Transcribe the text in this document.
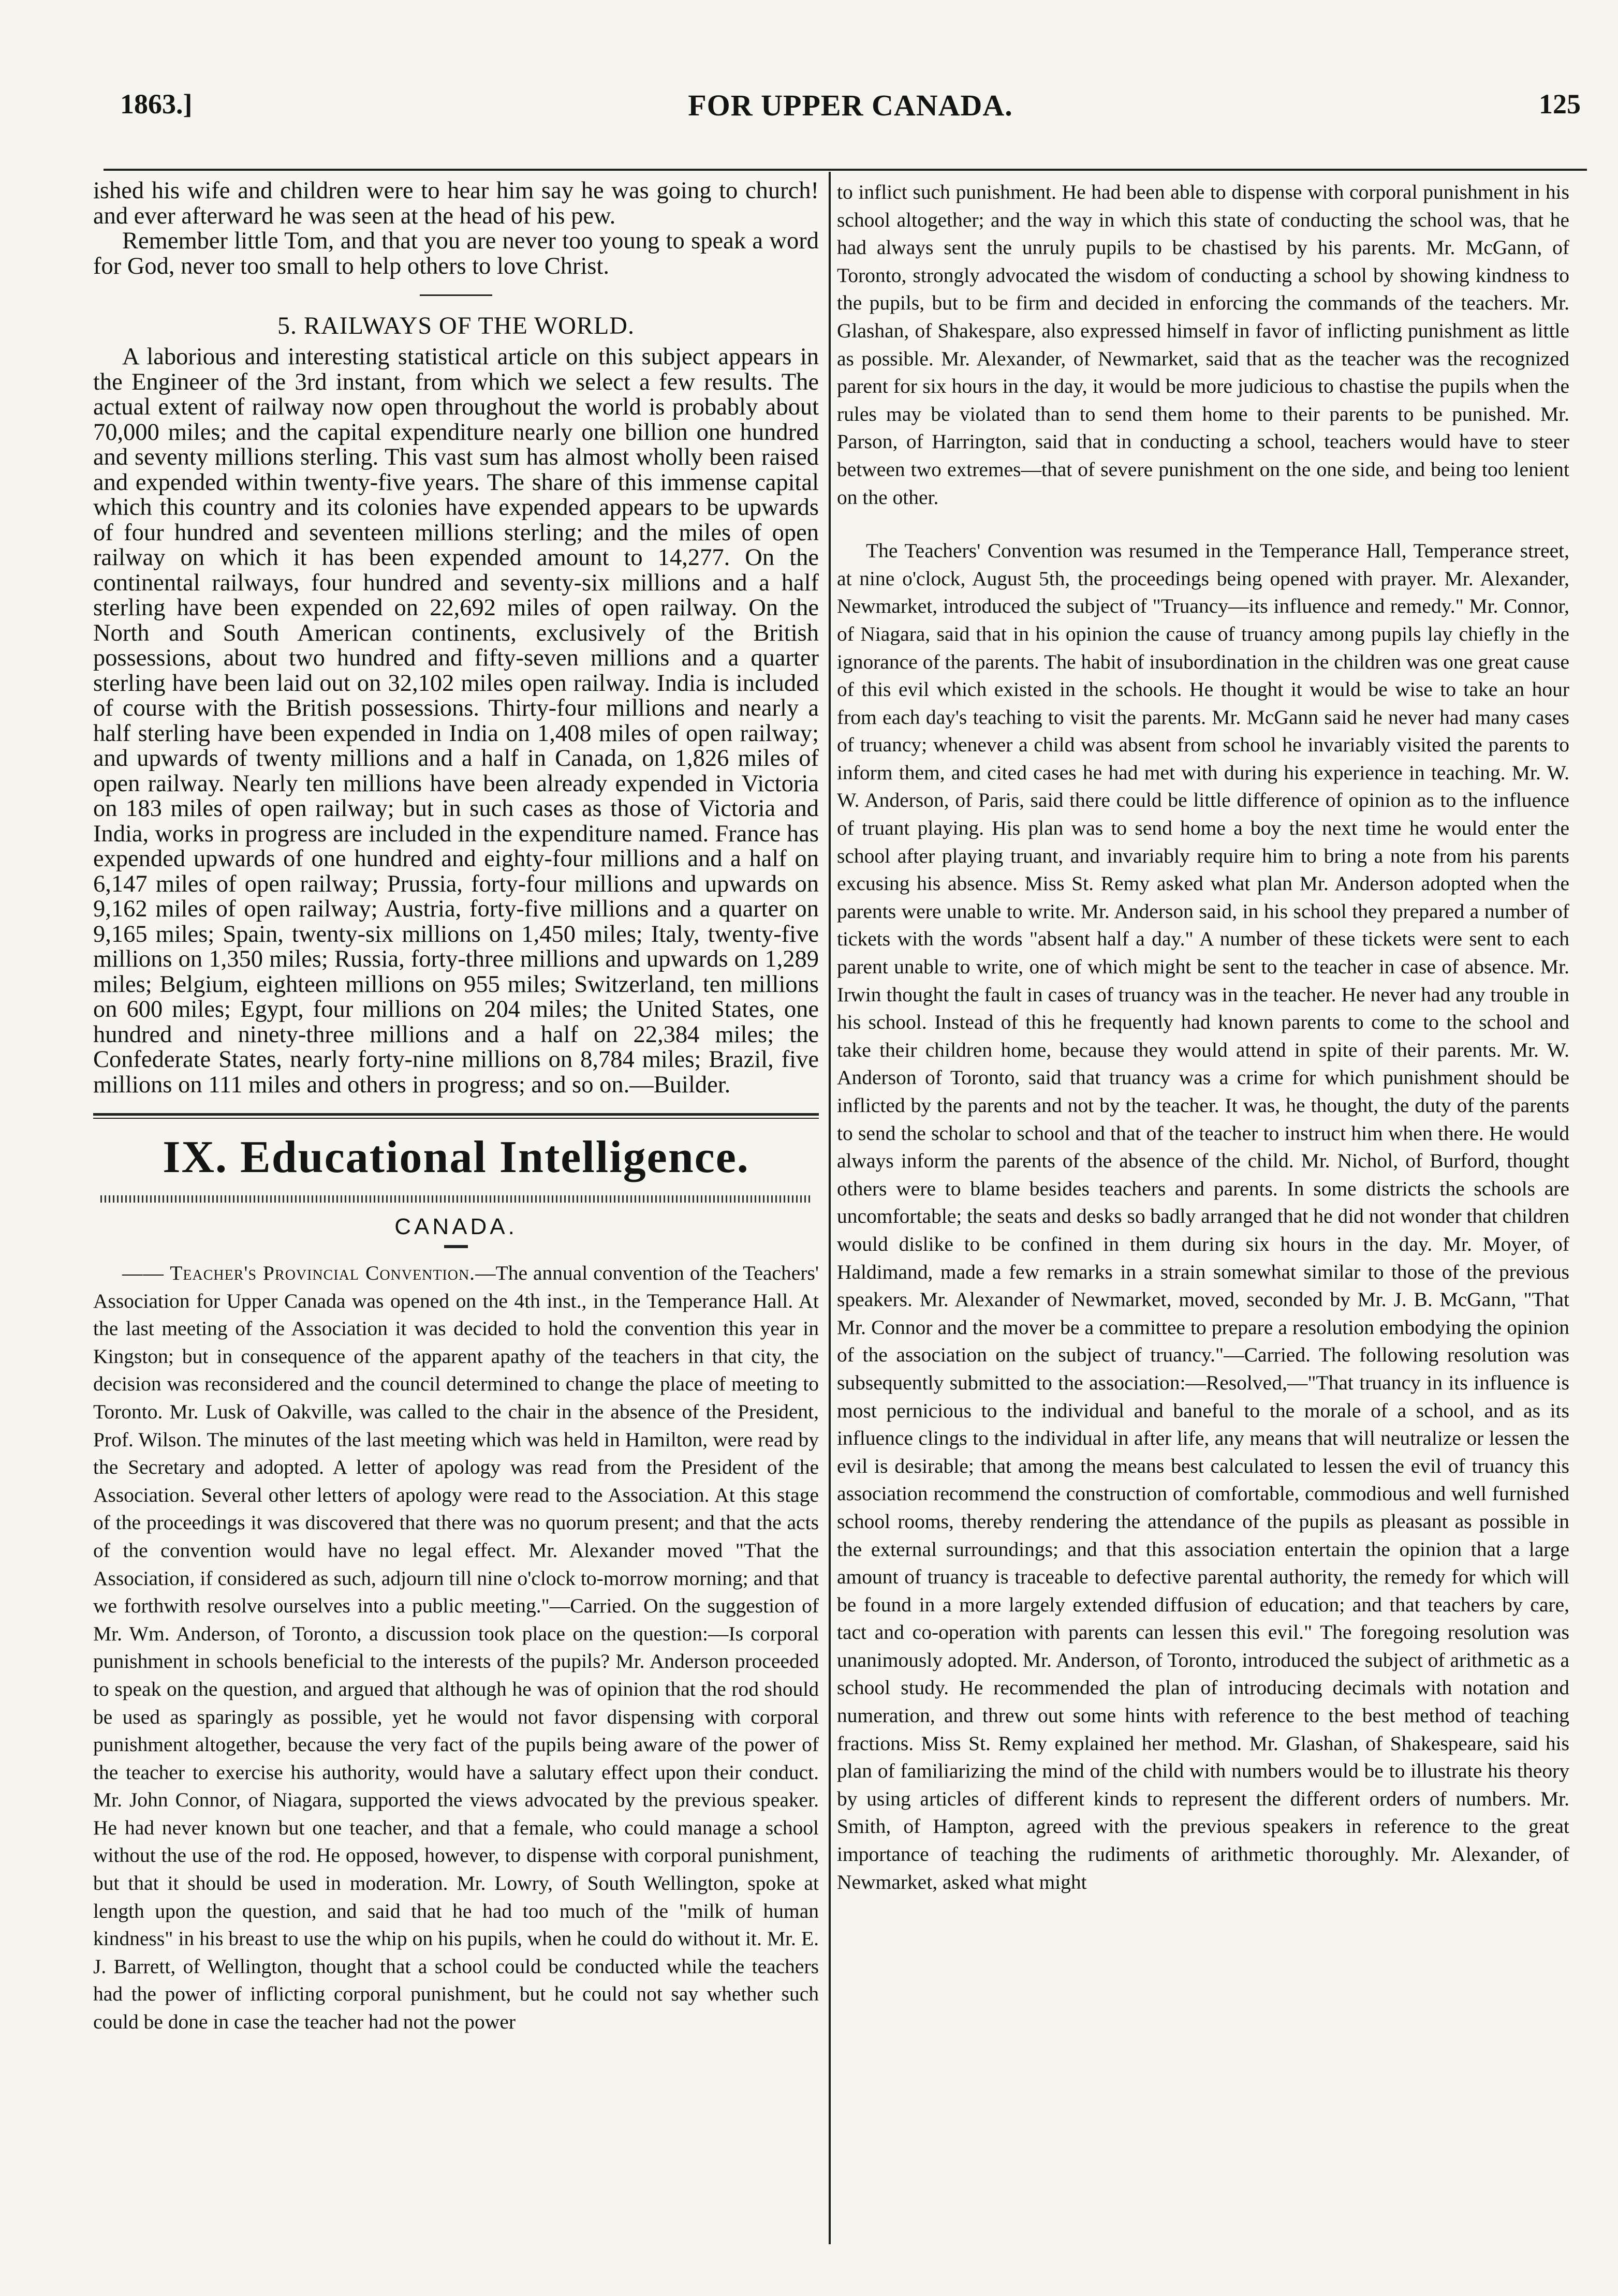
1863.]	FOR UPPER CANADA.	125

ished his wife and children were to hear him say he was going to church! and ever afterward he was seen at the head of his pew.

Remember little Tom, and that you are never too young to speak a word for God, never too small to help others to love Christ.

5. RAILWAYS OF THE WORLD.

A laborious and interesting statistical article on this subject appears in the Engineer of the 3rd instant, from which we select a few results. The actual extent of railway now open throughout the world is probably about 70,000 miles; and the capital expenditure nearly one billion one hundred and seventy millions sterling. This vast sum has almost wholly been raised and expended within twenty-five years. The share of this immense capital which this country and its colonies have expended appears to be upwards of four hundred and seventeen millions sterling; and the miles of open railway on which it has been expended amount to 14,277. On the continental railways, four hundred and seventy-six millions and a half sterling have been expended on 22,692 miles of open railway. On the North and South American continents, exclusively of the British possessions, about two hundred and fifty-seven millions and a quarter sterling have been laid out on 32,102 miles open railway. India is included of course with the British possessions. Thirty-four millions and nearly a half sterling have been expended in India on 1,408 miles of open railway; and upwards of twenty millions and a half in Canada, on 1,826 miles of open railway. Nearly ten millions have been already expended in Victoria on 183 miles of open railway; but in such cases as those of Victoria and India, works in progress are included in the expenditure named. France has expended upwards of one hundred and eighty-four millions and a half on 6,147 miles of open railway; Prussia, forty-four millions and upwards on 9,162 miles of open railway; Austria, forty-five millions and a quarter on 9,165 miles; Spain, twenty-six millions on 1,450 miles; Italy, twenty-five millions on 1,350 miles; Russia, forty-three millions and upwards on 1,289 miles; Belgium, eighteen millions on 955 miles; Switzerland, ten millions on 600 miles; Egypt, four millions on 204 miles; the United States, one hundred and ninety-three millions and a half on 22,384 miles; the Confederate States, nearly forty-nine millions on 8,784 miles; Brazil, five millions on 111 miles and others in progress; and so on.—Builder.

IX. Educational Intelligence.
CANADA.

—— Teacher's Provincial Convention.—The annual convention of the Teachers' Association for Upper Canada was opened on the 4th inst., in the Temperance Hall. At the last meeting of the Association it was decided to hold the convention this year in Kingston; but in consequence of the apparent apathy of the teachers in that city, the decision was reconsidered and the council determined to change the place of meeting to Toronto. Mr. Lusk of Oakville, was called to the chair in the absence of the President, Prof. Wilson. The minutes of the last meeting which was held in Hamilton, were read by the Secretary and adopted. A letter of apology was read from the President of the Association. Several other letters of apology were read to the Association. At this stage of the proceedings it was discovered that there was no quorum present; and that the acts of the convention would have no legal effect. Mr. Alexander moved "That the Association, if considered as such, adjourn till nine o'clock to-morrow morning; and that we forthwith resolve ourselves into a public meeting."—Carried. On the suggestion of Mr. Wm. Anderson, of Toronto, a discussion took place on the question:—Is corporal punishment in schools beneficial to the interests of the pupils? Mr. Anderson proceeded to speak on the question, and argued that although he was of opinion that the rod should be used as sparingly as possible, yet he would not favor dispensing with corporal punishment altogether, because the very fact of the pupils being aware of the power of the teacher to exercise his authority, would have a salutary effect upon their conduct. Mr. John Connor, of Niagara, supported the views advocated by the previous speaker. He had never known but one teacher, and that a female, who could manage a school without the use of the rod. He opposed, however, to dispense with corporal punishment, but that it should be used in moderation. Mr. Lowry, of South Wellington, spoke at length upon the question, and said that he had too much of the "milk of human kindness" in his breast to use the whip on his pupils, when he could do without it. Mr. E. J. Barrett, of Wellington, thought that a school could be conducted while the teachers had the power of inflicting corporal punishment, but he could not say whether such could be done in case the teacher had not the power

to inflict such punishment. He had been able to dispense with corporal punishment in his school altogether; and the way in which this state of conducting the school was, that he had always sent the unruly pupils to be chastised by his parents. Mr. McGann, of Toronto, strongly advocated the wisdom of conducting a school by showing kindness to the pupils, but to be firm and decided in enforcing the commands of the teachers. Mr. Glashan, of Shakespare, also expressed himself in favor of inflicting punishment as little as possible. Mr. Alexander, of Newmarket, said that as the teacher was the recognized parent for six hours in the day, it would be more judicious to chastise the pupils when the rules may be violated than to send them home to their parents to be punished. Mr. Parson, of Harrington, said that in conducting a school, teachers would have to steer between two extremes—that of severe punishment on the one side, and being too lenient on the other.

The Teachers' Convention was resumed in the Temperance Hall, Temperance street, at nine o'clock, August 5th, the proceedings being opened with prayer. Mr. Alexander, Newmarket, introduced the subject of "Truancy—its influence and remedy." Mr. Connor, of Niagara, said that in his opinion the cause of truancy among pupils lay chiefly in the ignorance of the parents. The habit of insubordination in the children was one great cause of this evil which existed in the schools. He thought it would be wise to take an hour from each day's teaching to visit the parents. Mr. McGann said he never had many cases of truancy; whenever a child was absent from school he invariably visited the parents to inform them, and cited cases he had met with during his experience in teaching. Mr. W. W. Anderson, of Paris, said there could be little difference of opinion as to the influence of truant playing. His plan was to send home a boy the next time he would enter the school after playing truant, and invariably require him to bring a note from his parents excusing his absence. Miss St. Remy asked what plan Mr. Anderson adopted when the parents were unable to write. Mr. Anderson said, in his school they prepared a number of tickets with the words "absent half a day." A number of these tickets were sent to each parent unable to write, one of which might be sent to the teacher in case of absence. Mr. Irwin thought the fault in cases of truancy was in the teacher. He never had any trouble in his school. Instead of this he frequently had known parents to come to the school and take their children home, because they would attend in spite of their parents. Mr. W. Anderson of Toronto, said that truancy was a crime for which punishment should be inflicted by the parents and not by the teacher. It was, he thought, the duty of the parents to send the scholar to school and that of the teacher to instruct him when there. He would always inform the parents of the absence of the child. Mr. Nichol, of Burford, thought others were to blame besides teachers and parents. In some districts the schools are uncomfortable; the seats and desks so badly arranged that he did not wonder that children would dislike to be confined in them during six hours in the day. Mr. Moyer, of Haldimand, made a few remarks in a strain somewhat similar to those of the previous speakers. Mr. Alexander of Newmarket, moved, seconded by Mr. J. B. McGann, "That Mr. Connor and the mover be a committee to prepare a resolution embodying the opinion of the association on the subject of truancy."—Carried. The following resolution was subsequently submitted to the association:—Resolved,—"That truancy in its influence is most pernicious to the individual and baneful to the morale of a school, and as its influence clings to the individual in after life, any means that will neutralize or lessen the evil is desirable; that among the means best calculated to lessen the evil of truancy this association recommend the construction of comfortable, commodious and well furnished school rooms, thereby rendering the attendance of the pupils as pleasant as possible in the external surroundings; and that this association entertain the opinion that a large amount of truancy is traceable to defective parental authority, the remedy for which will be found in a more largely extended diffusion of education; and that teachers by care, tact and co-operation with parents can lessen this evil." The foregoing resolution was unanimously adopted. Mr. Anderson, of Toronto, introduced the subject of arithmetic as a school study. He recommended the plan of introducing decimals with notation and numeration, and threw out some hints with reference to the best method of teaching fractions. Miss St. Remy explained her method. Mr. Glashan, of Shakespeare, said his plan of familiarizing the mind of the child with numbers would be to illustrate his theory by using articles of different kinds to represent the different orders of numbers. Mr. Smith, of Hampton, agreed with the previous speakers in reference to the great importance of teaching the rudiments of arithmetic thoroughly. Mr. Alexander, of Newmarket, asked what might
